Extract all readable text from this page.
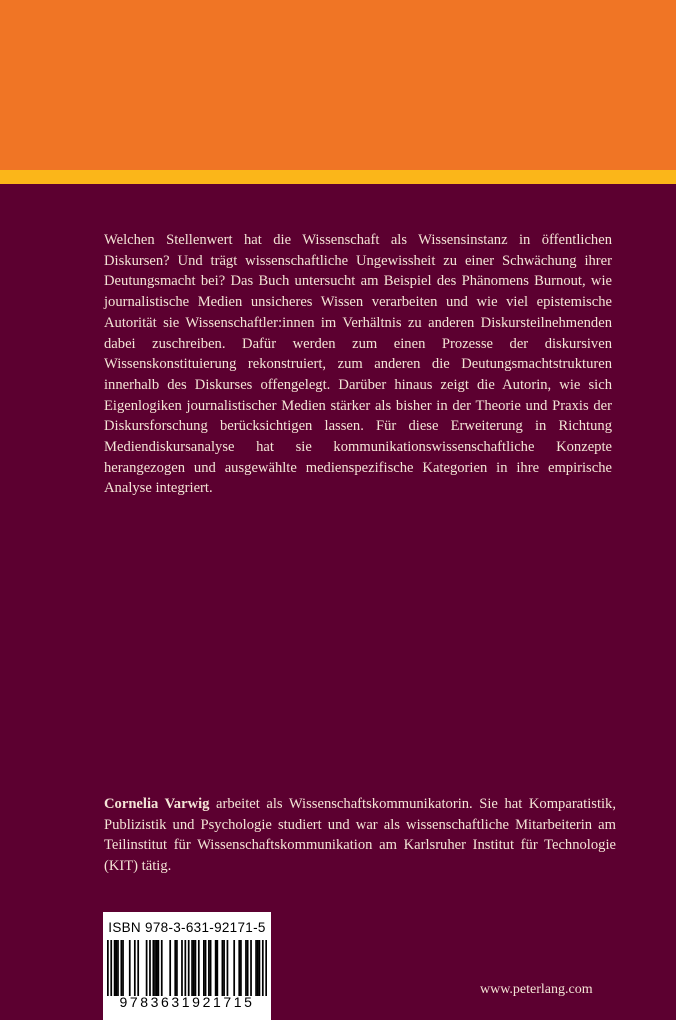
Welchen Stellenwert hat die Wissenschaft als Wissensinstanz in öffentlichen Diskursen? Und trägt wissenschaftliche Ungewissheit zu einer Schwächung ihrer Deutungsmacht bei? Das Buch untersucht am Beispiel des Phänomens Burnout, wie journalistische Medien unsicheres Wissen verarbeiten und wie viel epistemische Autorität sie Wissenschaftler:innen im Verhältnis zu anderen Diskursteilnehmenden dabei zuschreiben. Dafür werden zum einen Prozesse der diskursiven Wissenskonstituierung rekonstruiert, zum anderen die Deutungsmachtstrukturen innerhalb des Diskurses offengelegt. Darüber hinaus zeigt die Autorin, wie sich Eigenlogiken journalistischer Medien stärker als bisher in der Theorie und Praxis der Diskursforschung berücksichtigen lassen. Für diese Erweiterung in Richtung Mediendiskursanalyse hat sie kommunikationswissenschaftliche Konzepte herangezogen und ausgewählte medienspezifische Kategorien in ihre empirische Analyse integriert.

Cornelia Varwig arbeitet als Wissenschaftskommunikatorin. Sie hat Komparatistik, Publizistik und Psychologie studiert und war als wissenschaftliche Mitarbeiterin am Teilinstitut für Wissenschaftskommunikation am Karlsruher Institut für Technologie (KIT) tätig.

ISBN 978-3-631-92171-5
9783631921715
www.peterlang.com
